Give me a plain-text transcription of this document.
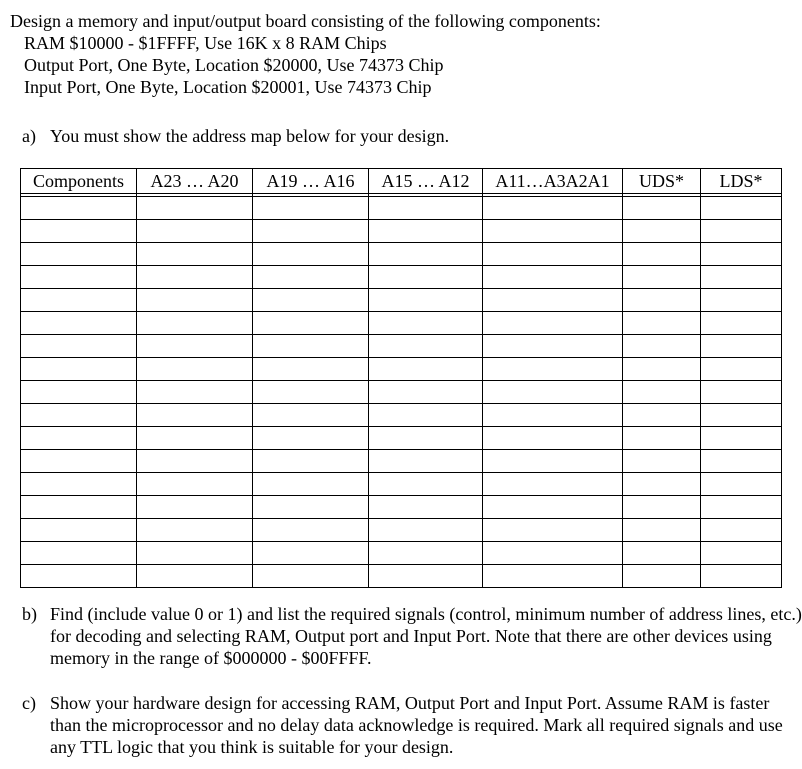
Design a memory and input/output board consisting of the following components:
RAM $10000 - $1FFFF, Use 16K x 8 RAM Chips
Output Port, One Byte, Location $20000, Use 74373 Chip
Input Port, One Byte, Location $20001, Use 74373 Chip
a) You must show the address map below for your design.
Components	A23 … A20	A19 … A16	A15 … A12	A11…A3A2A1	UDS*	LDS*

b) Find (include value 0 or 1) and list the required signals (control, minimum number of address lines, etc.) for decoding and selecting RAM, Output port and Input Port. Note that there are other devices using memory in the range of $000000 - $00FFFF.
c) Show your hardware design for accessing RAM, Output Port and Input Port. Assume RAM is faster than the microprocessor and no delay data acknowledge is required. Mark all required signals and use any TTL logic that you think is suitable for your design.
